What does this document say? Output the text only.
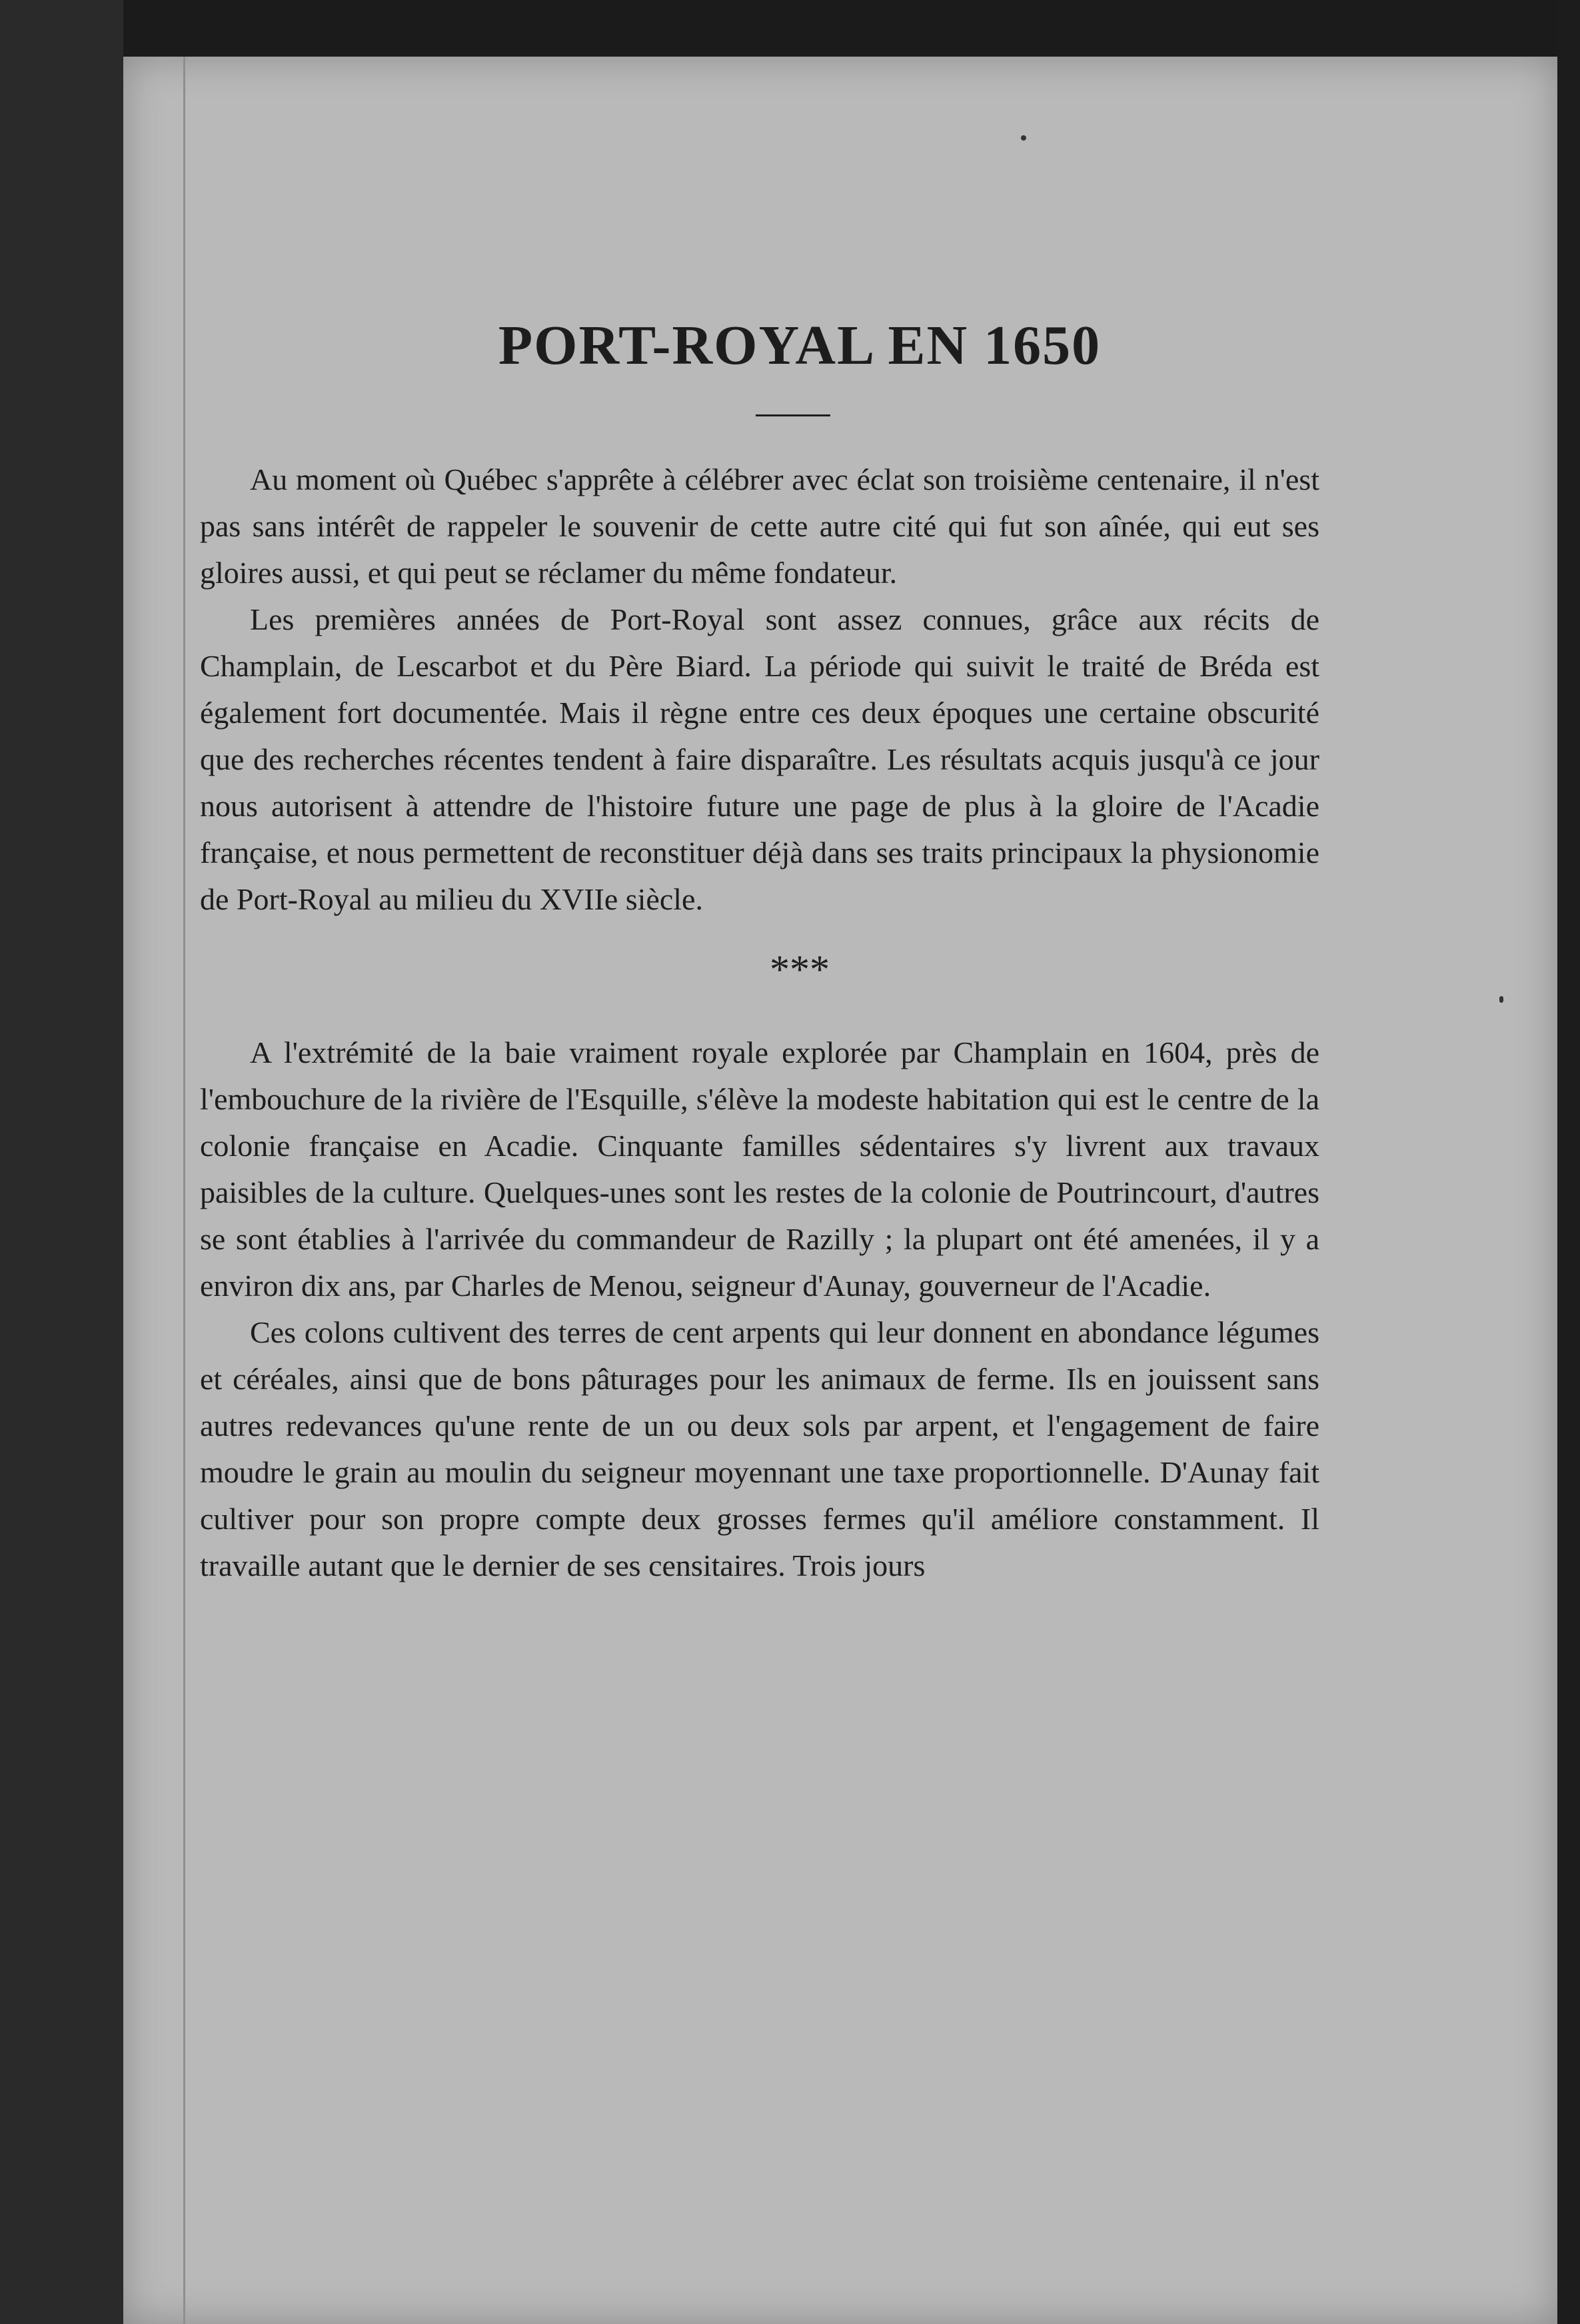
PORT-ROYAL EN 1650

Au moment où Québec s'apprête à célébrer avec éclat son troisième centenaire, il n'est pas sans intérêt de rappeler le souvenir de cette autre cité qui fut son aînée, qui eut ses gloires aussi, et qui peut se réclamer du même fondateur.

Les premières années de Port-Royal sont assez connues, grâce aux récits de Champlain, de Lescarbot et du Père Biard. La période qui suivit le traité de Bréda est également fort documentée. Mais il règne entre ces deux époques une certaine obscurité que des recherches récentes tendent à faire disparaître. Les résultats acquis jusqu'à ce jour nous autorisent à attendre de l'histoire future une page de plus à la gloire de l'Acadie française, et nous permettent de reconstituer déjà dans ses traits principaux la physionomie de Port-Royal au milieu du XVIIe siècle.

***

A l'extrémité de la baie vraiment royale explorée par Champlain en 1604, près de l'embouchure de la rivière de l'Esquille, s'élève la modeste habitation qui est le centre de la colonie française en Acadie. Cinquante familles sédentaires s'y livrent aux travaux paisibles de la culture. Quelques-unes sont les restes de la colonie de Poutrincourt, d'autres se sont établies à l'arrivée du commandeur de Razilly ; la plupart ont été amenées, il y a environ dix ans, par Charles de Menou, seigneur d'Aunay, gouverneur de l'Acadie.

Ces colons cultivent des terres de cent arpents qui leur donnent en abondance légumes et céréales, ainsi que de bons pâturages pour les animaux de ferme. Ils en jouissent sans autres redevances qu'une rente de un ou deux sols par arpent, et l'engagement de faire moudre le grain au moulin du seigneur moyennant une taxe proportionnelle. D'Aunay fait cultiver pour son propre compte deux grosses fermes qu'il améliore constamment. Il travaille autant que le dernier de ses censitaires. Trois jours
